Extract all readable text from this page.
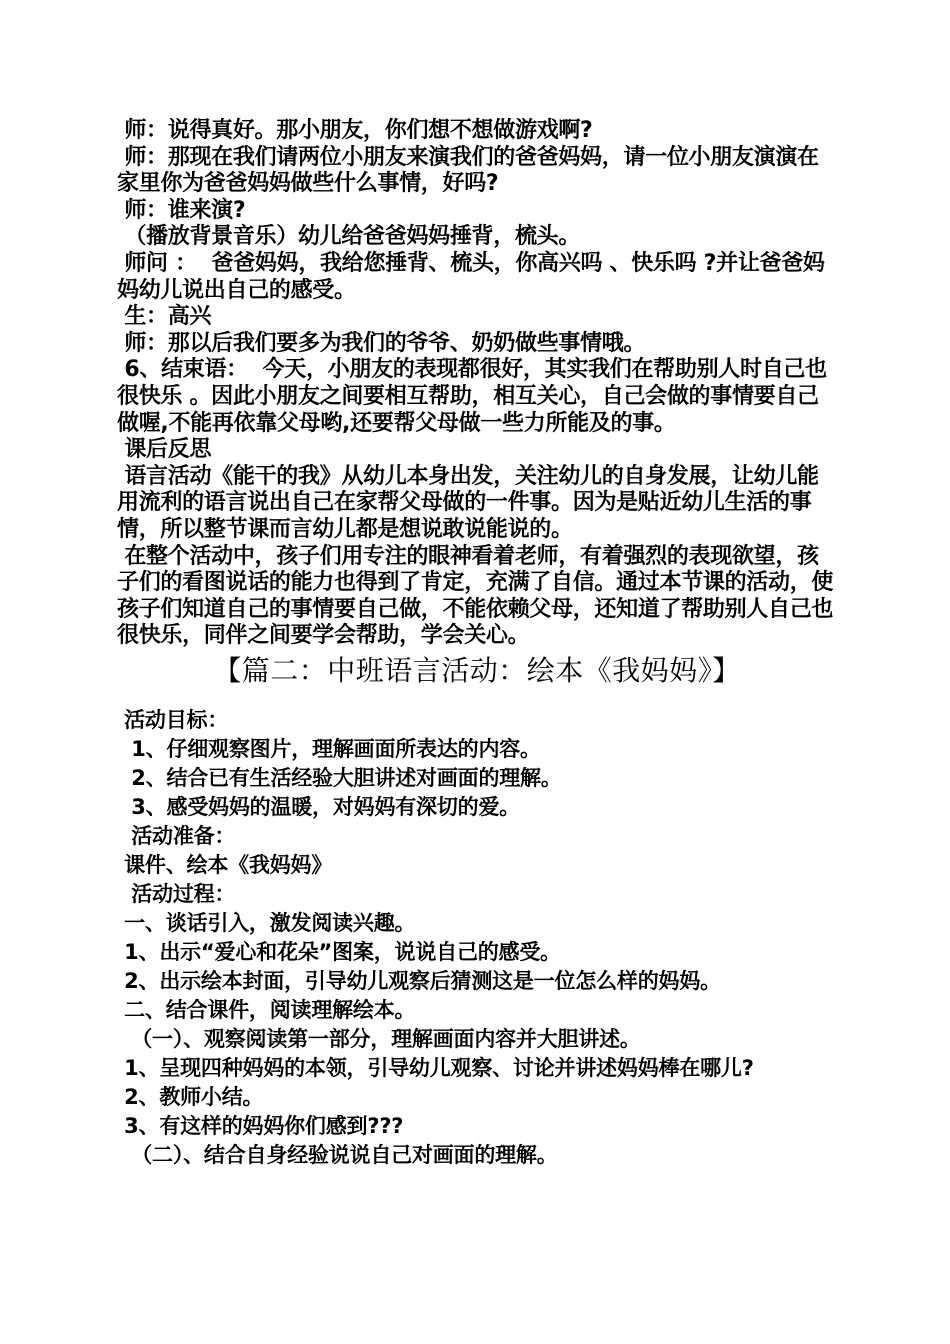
师：说得真好。那小朋友，你们想不想做游戏啊?

师：那现在我们请两位小朋友来演我们的爸爸妈妈，请一位小朋友演演在家里你为爸爸妈妈做些什么事情，好吗?

师：谁来演?

（播放背景音乐）幼儿给爸爸妈妈捶背，梳头。

师问 ：  爸爸妈妈，我给您捶背、梳头，你高兴吗 、快乐吗 ?并让爸爸妈妈幼儿说出自己的感受。

生：高兴

师：那以后我们要多为我们的爷爷、奶奶做些事情哦。

6、结束语：  今天，小朋友的表现都很好，其实我们在帮助别人时自己也很快乐 。因此小朋友之间要相互帮助，相互关心，自己会做的事情要自己做喔,不能再依靠父母哟,还要帮父母做一些力所能及的事。

课后反思

语言活动《能干的我》从幼儿本身出发，关注幼儿的自身发展，让幼儿能用流利的语言说出自己在家帮父母做的一件事。因为是贴近幼儿生活的事情，所以整节课而言幼儿都是想说敢说能说的。

在整个活动中，孩子们用专注的眼神看着老师，有着强烈的表现欲望，孩子们的看图说话的能力也得到了肯定，充满了自信。通过本节课的活动，使孩子们知道自己的事情要自己做，不能依赖父母，还知道了帮助别人自己也很快乐，同伴之间要学会帮助，学会关心。

【篇二：中班语言活动：绘本《我妈妈》】

活动目标：

1、仔细观察图片，理解画面所表达的内容。

2、结合已有生活经验大胆讲述对画面的理解。

3、感受妈妈的温暖，对妈妈有深切的爱。

活动准备：

课件、绘本《我妈妈》

活动过程：

一、谈话引入，激发阅读兴趣。

1、出示“爱心和花朵”图案，说说自己的感受。

2、出示绘本封面，引导幼儿观察后猜测这是一位怎么样的妈妈。

二、结合课件，阅读理解绘本。

（一）、观察阅读第一部分，理解画面内容并大胆讲述。

1、呈现四种妈妈的本领，引导幼儿观察、讨论并讲述妈妈棒在哪儿?

2、教师小结。

3、有这样的妈妈你们感到???

（二）、结合自身经验说说自己对画面的理解。
